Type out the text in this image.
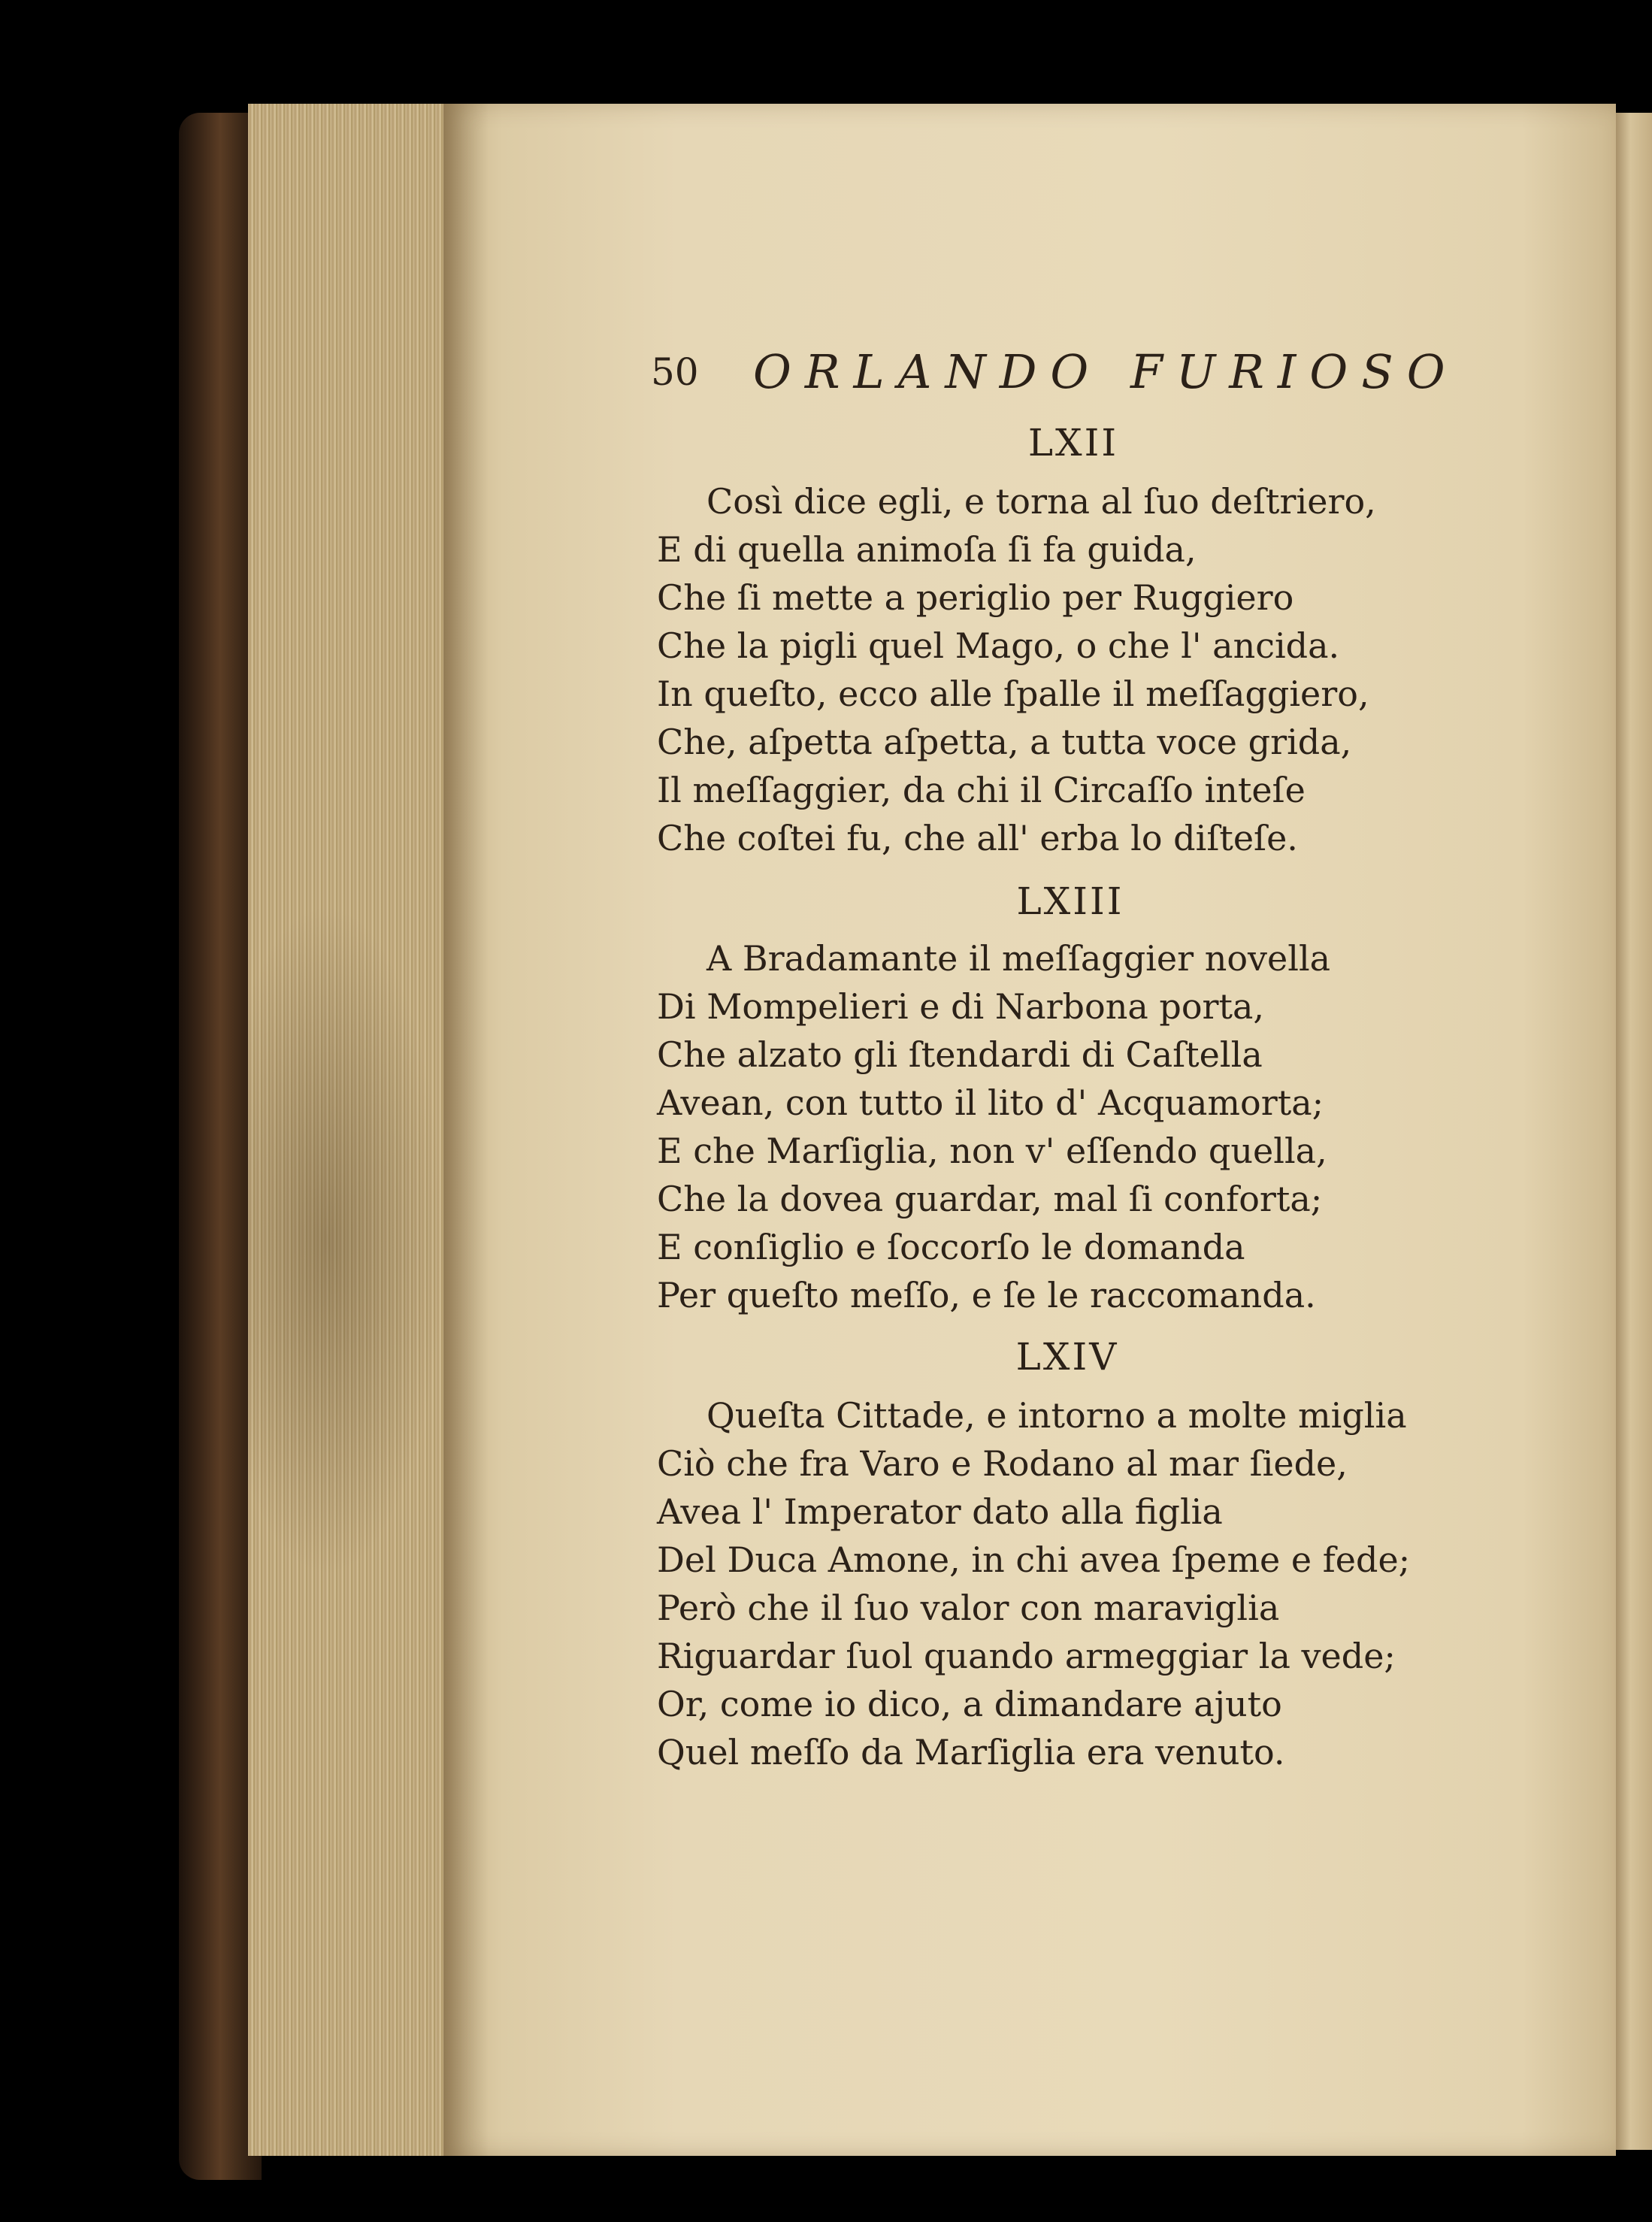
50 ORLANDO FURIOSO
LXII
Così dice egli, e torna al ſuo deſtriero,
E di quella animoſa ſi fa guida,
Che ſi mette a periglio per Ruggiero
Che la pigli quel Mago, o che l' ancida.
In queſto, ecco alle ſpalle il meſſaggiero,
Che, aſpetta aſpetta, a tutta voce grida,
Il meſſaggier, da chi il Circaſſo inteſe
Che coſtei fu, che all' erba lo diſteſe.
LXIII
A Bradamante il meſſaggier novella
Di Mompelieri e di Narbona porta,
Che alzato gli ſtendardi di Caſtella
Avean, con tutto il lito d' Acquamorta;
E che Marſiglia, non v' eſſendo quella,
Che la dovea guardar, mal ſi conforta;
E conſiglio e ſoccorſo le domanda
Per queſto meſſo, e ſe le raccomanda.
LXIV
Queſta Cittade, e intorno a molte miglia
Ciò che fra Varo e Rodano al mar ſiede,
Avea l' Imperator dato alla figlia
Del Duca Amone, in chi avea ſpeme e fede;
Però che il ſuo valor con maraviglia
Riguardar ſuol quando armeggiar la vede;
Or, come io dico, a dimandare ajuto
Quel meſſo da Marſiglia era venuto.
